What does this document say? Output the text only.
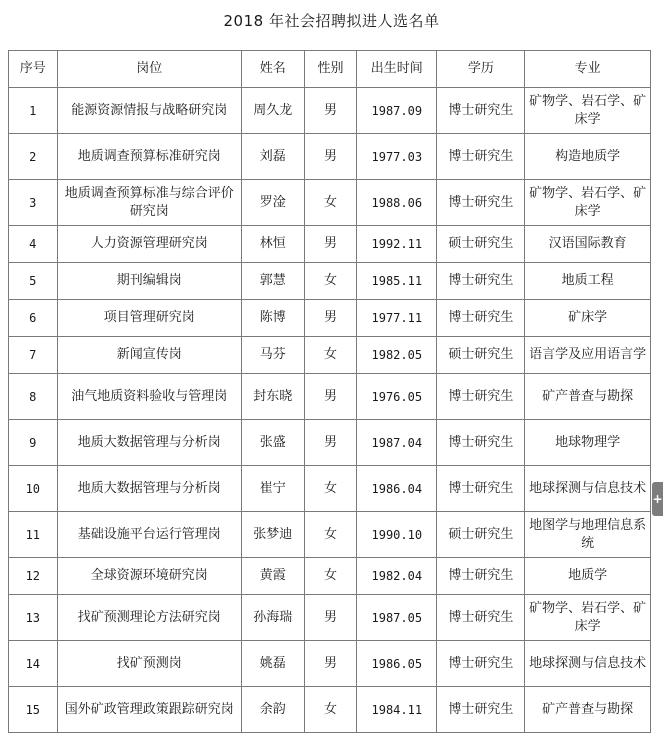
2018 年社会招聘拟进人选名单
序号	岗位	姓名	性别	出生时间	学历	专业
1	能源资源情报与战略研究岗	周久龙	男	1987.09	博士研究生	矿物学、岩石学、矿床学
2	地质调查预算标准研究岗	刘磊	男	1977.03	博士研究生	构造地质学
3	地质调查预算标准与综合评价研究岗	罗淦	女	1988.06	博士研究生	矿物学、岩石学、矿床学
4	人力资源管理研究岗	林恒	男	1992.11	硕士研究生	汉语国际教育
5	期刊编辑岗	郭慧	女	1985.11	博士研究生	地质工程
6	项目管理研究岗	陈博	男	1977.11	博士研究生	矿床学
7	新闻宣传岗	马芬	女	1982.05	硕士研究生	语言学及应用语言学
8	油气地质资料验收与管理岗	封东晓	男	1976.05	博士研究生	矿产普查与勘探
9	地质大数据管理与分析岗	张盛	男	1987.04	博士研究生	地球物理学
10	地质大数据管理与分析岗	崔宁	女	1986.04	博士研究生	地球探测与信息技术
11	基础设施平台运行管理岗	张梦迪	女	1990.10	硕士研究生	地图学与地理信息系统
12	全球资源环境研究岗	黄霞	女	1982.04	博士研究生	地质学
13	找矿预测理论方法研究岗	孙海瑞	男	1987.05	博士研究生	矿物学、岩石学、矿床学
14	找矿预测岗	姚磊	男	1986.05	博士研究生	地球探测与信息技术
15	国外矿政管理政策跟踪研究岗	余韵	女	1984.11	博士研究生	矿产普查与勘探
+
